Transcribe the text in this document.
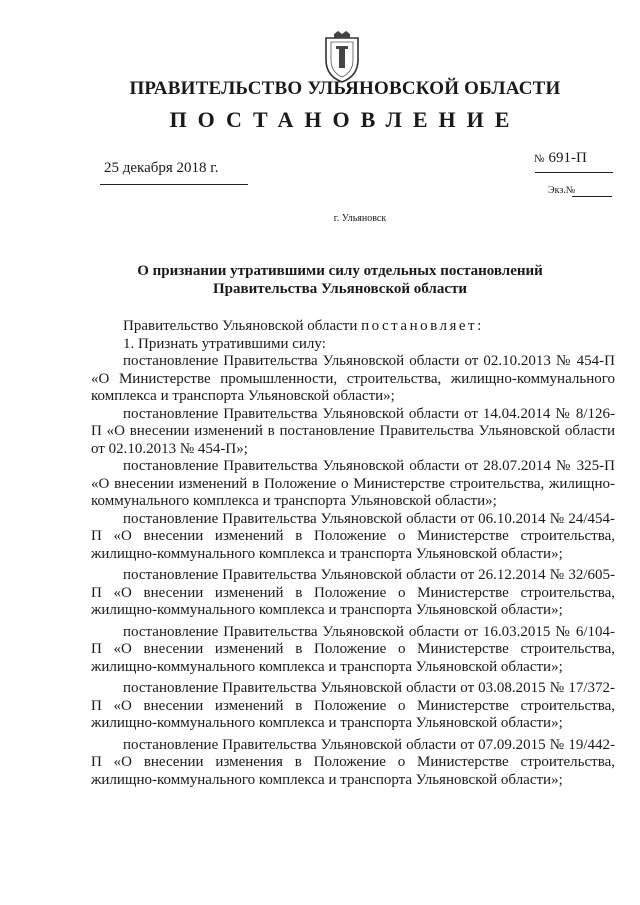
ПРАВИТЕЛЬСТВО УЛЬЯНОВСКОЙ ОБЛАСТИ
ПОСТАНОВЛЕНИЕ
25 декабря 2018 г.
№ 691-П
Экз.№
г. Ульяновск
О признании утратившими силу отдельных постановлений
Правительства Ульяновской области

Правительство Ульяновской области постановляет:

1. Признать утратившими силу:

постановление Правительства Ульяновской области от 02.10.2013 № 454-П «О Министерстве промышленности, строительства, жилищно-коммунального комплекса и транспорта Ульяновской области»;

постановление Правительства Ульяновской области от 14.04.2014 № 8/126-П «О внесении изменений в постановление Правительства Ульяновской области от 02.10.2013 № 454-П»;

постановление Правительства Ульяновской области от 28.07.2014 № 325-П «О внесении изменений в Положение о Министерстве строительства, жилищно-коммунального комплекса и транспорта Ульяновской области»;

постановление Правительства Ульяновской области от 06.10.2014 № 24/454-П «О внесении изменений в Положение о Министерстве строительства, жилищно-коммунального комплекса и транспорта Ульяновской области»;

постановление Правительства Ульяновской области от 26.12.2014 № 32/605-П «О внесении изменений в Положение о Министерстве строительства, жилищно-коммунального комплекса и транспорта Ульяновской области»;

постановление Правительства Ульяновской области от 16.03.2015 № 6/104-П «О внесении изменений в Положение о Министерстве строительства, жилищно-коммунального комплекса и транспорта Ульяновской области»;

постановление Правительства Ульяновской области от 03.08.2015 № 17/372-П «О внесении изменений в Положение о Министерстве строительства, жилищно-коммунального комплекса и транспорта Ульяновской области»;

постановление Правительства Ульяновской области от 07.09.2015 № 19/442-П «О внесении изменения в Положение о Министерстве строительства, жилищно-коммунального комплекса и транспорта Ульяновской области»;
